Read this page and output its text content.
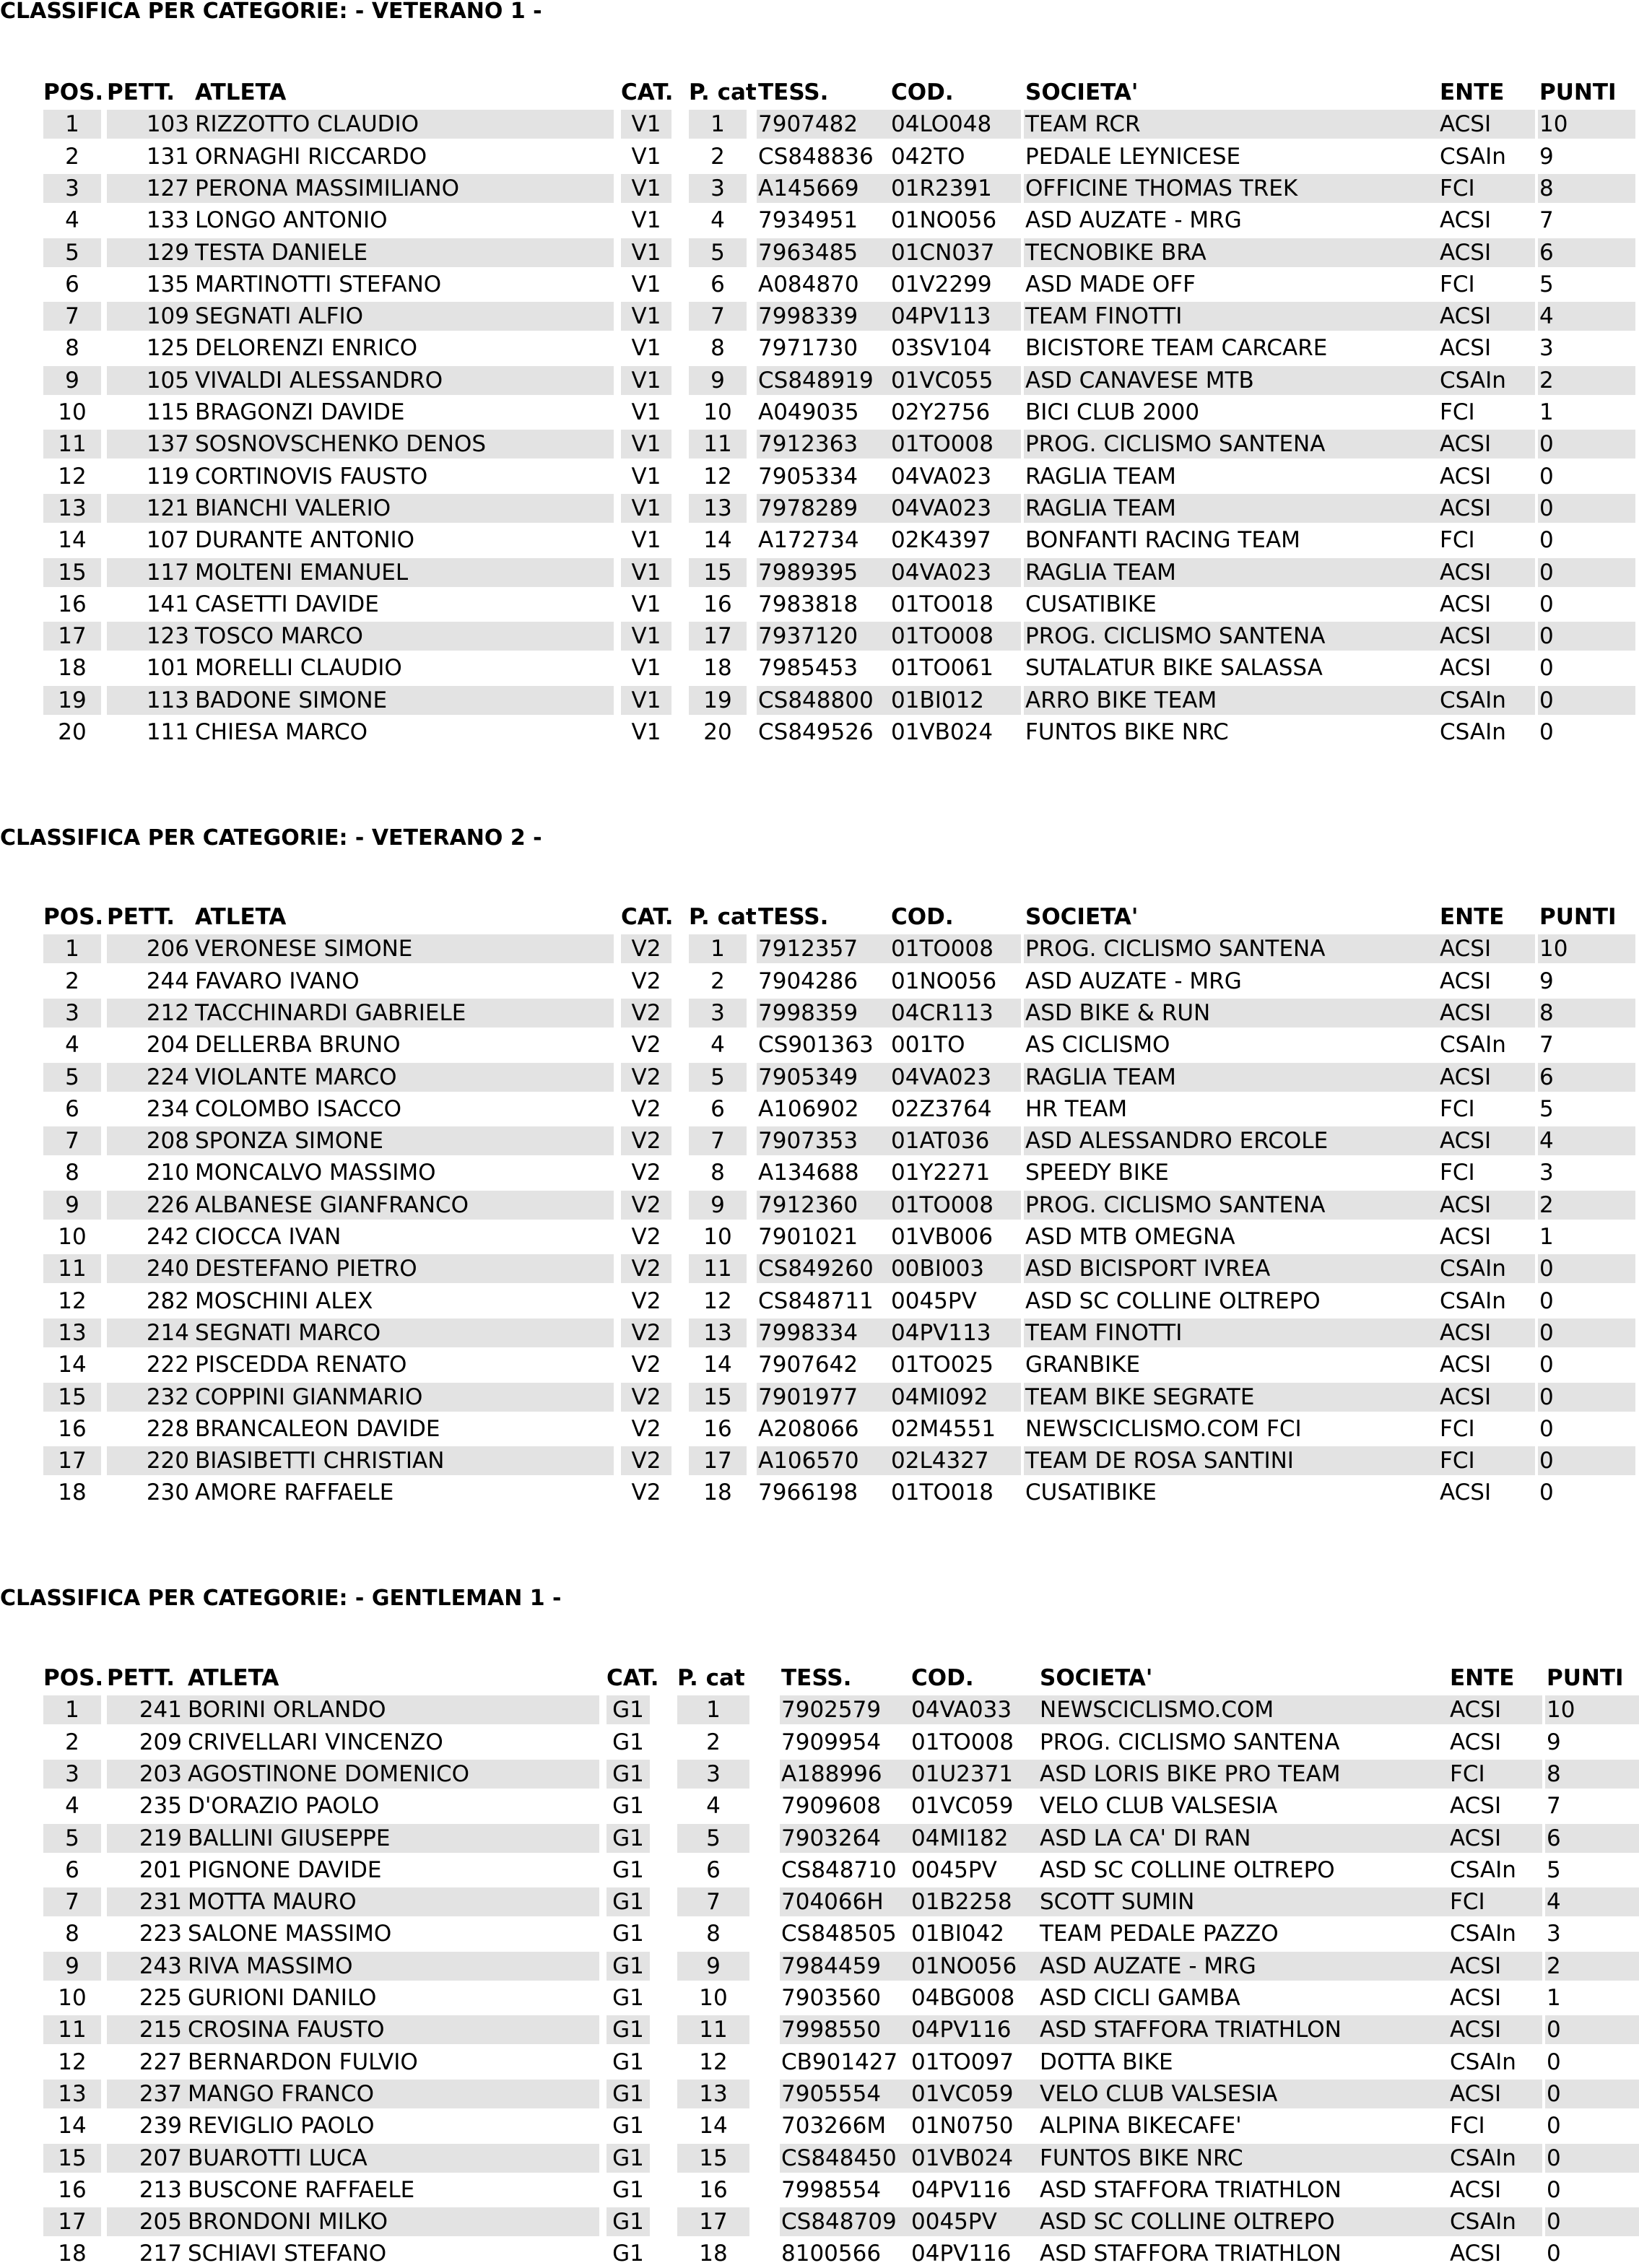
CLASSIFICA PER CATEGORIE: - VETERANO 1 -
POS. PETT. ATLETA	CAT. P. cat TESS.	COD.	SOCIETA'	ENTE	PUNTI
1	103 RIZZOTTO CLAUDIO	V1	1	7907482	04LO048	TEAM RCR	ACSI	10
2	131 ORNAGHI RICCARDO	V1	2	CS848836 042TO	PEDALE LEYNICESE	CSAIn	9
3	127 PERONA MASSIMILIANO	V1	3	A145669	01R2391	OFFICINE THOMAS TREK	FCI	8
4	133 LONGO ANTONIO	V1	4	7934951	01NO056	ASD AUZATE - MRG	ACSI	7
5	129 TESTA DANIELE	V1	5	7963485	01CN037	TECNOBIKE BRA	ACSI	6
6	135 MARTINOTTI STEFANO	V1	6	A084870	01V2299	ASD MADE OFF	FCI	5
7	109 SEGNATI ALFIO	V1	7	7998339	04PV113	TEAM FINOTTI	ACSI	4
8	125 DELORENZI ENRICO	V1	8	7971730	03SV104	BICISTORE TEAM CARCARE	ACSI	3
9	105 VIVALDI ALESSANDRO	V1	9	CS848919 01VC055	ASD CANAVESE MTB	CSAIn	2
10	115 BRAGONZI DAVIDE	V1	10	A049035	02Y2756	BICI CLUB 2000	FCI	1
11	137 SOSNOVSCHENKO DENOS	V1	11	7912363	01TO008	PROG. CICLISMO SANTENA	ACSI	0
12	119 CORTINOVIS FAUSTO	V1	12	7905334	04VA023	RAGLIA TEAM	ACSI	0
13	121 BIANCHI VALERIO	V1	13	7978289	04VA023	RAGLIA TEAM	ACSI	0
14	107 DURANTE ANTONIO	V1	14	A172734	02K4397	BONFANTI RACING TEAM	FCI	0
15	117 MOLTENI EMANUEL	V1	15	7989395	04VA023	RAGLIA TEAM	ACSI	0
16	141 CASETTI DAVIDE	V1	16	7983818	01TO018	CUSATIBIKE	ACSI	0
17	123 TOSCO MARCO	V1	17	7937120	01TO008	PROG. CICLISMO SANTENA	ACSI	0
18	101 MORELLI CLAUDIO	V1	18	7985453	01TO061	SUTALATUR BIKE SALASSA	ACSI	0
19	113 BADONE SIMONE	V1	19	CS848800 01BI012	ARRO BIKE TEAM	CSAIn	0
20	111 CHIESA MARCO	V1	20	CS849526 01VB024	FUNTOS BIKE NRC	CSAIn	0
CLASSIFICA PER CATEGORIE: - VETERANO 2 -
POS. PETT. ATLETA	CAT. P. cat TESS.	COD.	SOCIETA'	ENTE	PUNTI
1	206 VERONESE SIMONE	V2	1	7912357	01TO008	PROG. CICLISMO SANTENA	ACSI	10
2	244 FAVARO IVANO	V2	2	7904286	01NO056	ASD AUZATE - MRG	ACSI	9
3	212 TACCHINARDI GABRIELE	V2	3	7998359	04CR113	ASD BIKE & RUN	ACSI	8
4	204 DELLERBA BRUNO	V2	4	CS901363 001TO	AS CICLISMO	CSAIn	7
5	224 VIOLANTE MARCO	V2	5	7905349	04VA023	RAGLIA TEAM	ACSI	6
6	234 COLOMBO ISACCO	V2	6	A106902	02Z3764	HR TEAM	FCI	5
7	208 SPONZA SIMONE	V2	7	7907353	01AT036	ASD ALESSANDRO ERCOLE	ACSI	4
8	210 MONCALVO MASSIMO	V2	8	A134688	01Y2271	SPEEDY BIKE	FCI	3
9	226 ALBANESE GIANFRANCO	V2	9	7912360	01TO008	PROG. CICLISMO SANTENA	ACSI	2
10	242 CIOCCA IVAN	V2	10	7901021	01VB006	ASD MTB OMEGNA	ACSI	1
11	240 DESTEFANO PIETRO	V2	11	CS849260 00BI003	ASD BICISPORT IVREA	CSAIn	0
12	282 MOSCHINI ALEX	V2	12	CS848711 0045PV	ASD SC COLLINE OLTREPO	CSAIn	0
13	214 SEGNATI MARCO	V2	13	7998334	04PV113	TEAM FINOTTI	ACSI	0
14	222 PISCEDDA RENATO	V2	14	7907642	01TO025	GRANBIKE	ACSI	0
15	232 COPPINI GIANMARIO	V2	15	7901977	04MI092	TEAM BIKE SEGRATE	ACSI	0
16	228 BRANCALEON DAVIDE	V2	16	A208066	02M4551	NEWSCICLISMO.COM FCI	FCI	0
17	220 BIASIBETTI CHRISTIAN	V2	17	A106570	02L4327	TEAM DE ROSA SANTINI	FCI	0
18	230 AMORE RAFFAELE	V2	18	7966198	01TO018	CUSATIBIKE	ACSI	0
CLASSIFICA PER CATEGORIE: - GENTLEMAN 1 -
POS. PETT. ATLETA	CAT. P. cat TESS.	COD.	SOCIETA'	ENTE	PUNTI
1	241 BORINI ORLANDO	G1	1	7902579	04VA033	NEWSCICLISMO.COM	ACSI	10
2	209 CRIVELLARI VINCENZO	G1	2	7909954	01TO008	PROG. CICLISMO SANTENA	ACSI	9
3	203 AGOSTINONE DOMENICO	G1	3	A188996	01U2371	ASD LORIS BIKE PRO TEAM	FCI	8
4	235 D'ORAZIO PAOLO	G1	4	7909608	01VC059	VELO CLUB VALSESIA	ACSI	7
5	219 BALLINI GIUSEPPE	G1	5	7903264	04MI182	ASD LA CA' DI RAN	ACSI	6
6	201 PIGNONE DAVIDE	G1	6	CS848710 0045PV	ASD SC COLLINE OLTREPO	CSAIn	5
7	231 MOTTA MAURO	G1	7	704066H	01B2258	SCOTT SUMIN	FCI	4
8	223 SALONE MASSIMO	G1	8	CS848505 01BI042	TEAM PEDALE PAZZO	CSAIn	3
9	243 RIVA MASSIMO	G1	9	7984459	01NO056	ASD AUZATE - MRG	ACSI	2
10	225 GURIONI DANILO	G1	10	7903560	04BG008	ASD CICLI GAMBA	ACSI	1
11	215 CROSINA FAUSTO	G1	11	7998550	04PV116	ASD STAFFORA TRIATHLON	ACSI	0
12	227 BERNARDON FULVIO	G1	12	CB901427 01TO097	DOTTA BIKE	CSAIn	0
13	237 MANGO FRANCO	G1	13	7905554	01VC059	VELO CLUB VALSESIA	ACSI	0
14	239 REVIGLIO PAOLO	G1	14	703266M	01N0750	ALPINA BIKECAFE'	FCI	0
15	207 BUAROTTI LUCA	G1	15	CS848450 01VB024	FUNTOS BIKE NRC	CSAIn	0
16	213 BUSCONE RAFFAELE	G1	16	7998554	04PV116	ASD STAFFORA TRIATHLON	ACSI	0
17	205 BRONDONI MILKO	G1	17	CS848709 0045PV	ASD SC COLLINE OLTREPO	CSAIn	0
18	217 SCHIAVI STEFANO	G1	18	8100566	04PV116	ASD STAFFORA TRIATHLON	ACSI	0
